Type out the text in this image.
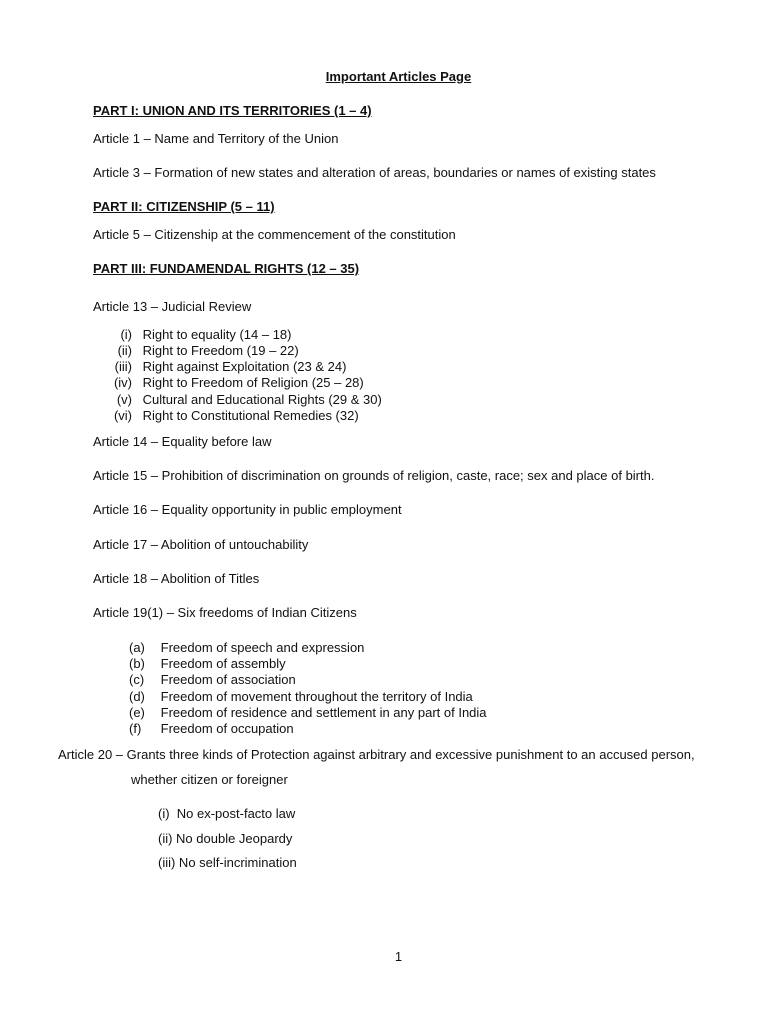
Important Articles Page
PART I: UNION AND ITS TERRITORIES (1 – 4)
Article 1 – Name and Territory of the Union
Article 3 – Formation of new states and alteration of areas, boundaries or names of existing states
PART II: CITIZENSHIP (5 – 11)
Article 5 – Citizenship at the commencement of the constitution
PART III: FUNDAMENDAL RIGHTS (12 – 35)
Article 13 – Judicial Review
(i) Right to equality (14 – 18)
(ii) Right to Freedom (19 – 22)
(iii) Right against Exploitation (23 & 24)
(iv) Right to Freedom of Religion (25 – 28)
(v) Cultural and Educational Rights (29 & 30)
(vi) Right to Constitutional Remedies (32)
Article 14 – Equality before law
Article 15 – Prohibition of discrimination on grounds of religion, caste, race; sex and place of birth.
Article 16 – Equality opportunity in public employment
Article 17 – Abolition of untouchability
Article 18 – Abolition of Titles
Article 19(1) – Six freedoms of Indian Citizens
(a) Freedom of speech and expression
(b) Freedom of assembly
(c) Freedom of association
(d) Freedom of movement throughout the territory of India
(e) Freedom of residence and settlement in any part of India
(f) Freedom of occupation
Article 20 – Grants three kinds of Protection against arbitrary and excessive punishment to an accused person,
whether citizen or foreigner
(i)  No ex-post-facto law
(ii) No double Jeopardy
(iii) No self-incrimination
1
